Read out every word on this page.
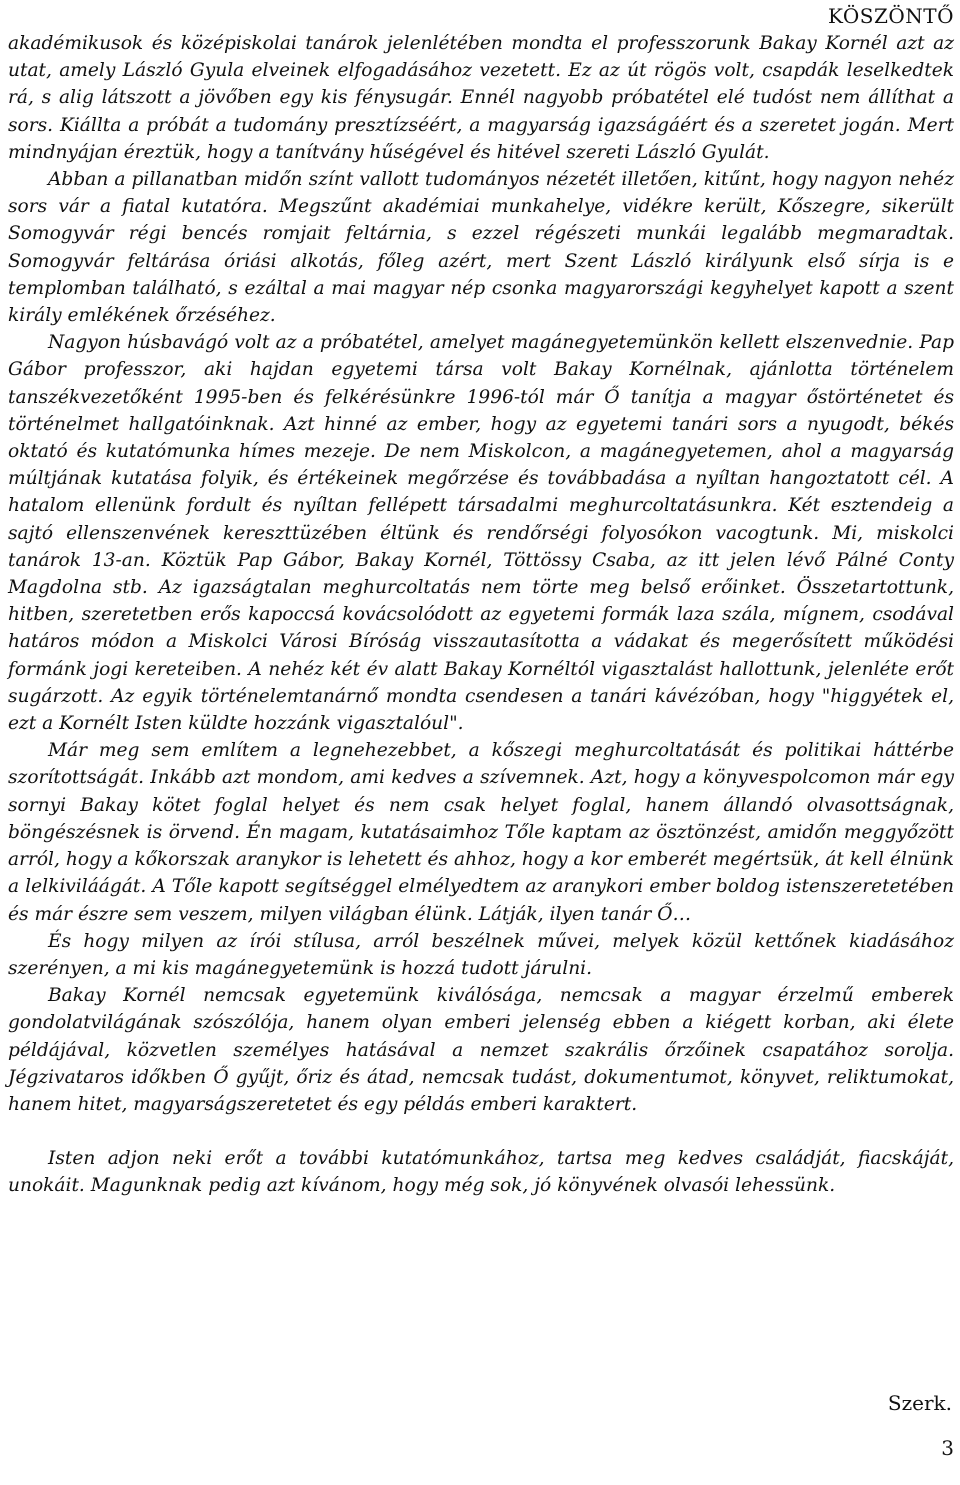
KÖSZÖNTŐ

akadémikusok és középiskolai tanárok jelenlétében mondta el professzorunk Bakay Kornél azt az utat, amely László Gyula elveinek elfogadásához vezetett. Ez az út rögös volt, csapdák leselkedtek rá, s alig látszott a jövőben egy kis fénysugár. Ennél nagyobb próbatétel elé tudóst nem állíthat a sors. Kiállta a próbát a tudomány presztízséért, a magyarság igazságáért és a szeretet jogán. Mert mindnyájan éreztük, hogy a tanítvány hűségével és hitével szereti László Gyulát.

Abban a pillanatban midőn színt vallott tudományos nézetét illetően, kitűnt, hogy nagyon nehéz sors vár a fiatal kutatóra. Megszűnt akadémiai munkahelye, vidékre került, Kőszegre, sikerült Somogyvár régi bencés romjait feltárnia, s ezzel régészeti munkái legalább megmaradtak. Somogyvár feltárása óriási alkotás, főleg azért, mert Szent László királyunk első sírja is e templomban található, s ezáltal a mai magyar nép csonka magyarországi kegyhelyet kapott a szent király emlékének őrzéséhez.

Nagyon húsbavágó volt az a próbatétel, amelyet magánegyetemünkön kellett elszenvednie. Pap Gábor professzor, aki hajdan egyetemi társa volt Bakay Kornélnak, ajánlotta történelem tanszékvezetőként 1995-ben és felkérésünkre 1996-tól már Ő tanítja a magyar őstörténetet és történelmet hallgatóinknak. Azt hinné az ember, hogy az egyetemi tanári sors a nyugodt, békés oktató és kutatómunka hímes mezeje. De nem Miskolcon, a magánegyetemen, ahol a magyarság múltjának kutatása folyik, és értékeinek megőrzése és továbbadása a nyíltan hangoztatott cél. A hatalom ellenünk fordult és nyíltan fellépett társadalmi meghurcoltatásunkra. Két esztendeig a sajtó ellenszenvének kereszttüzében éltünk és rendőrségi folyosókon vacogtunk. Mi, miskolci tanárok 13-an. Köztük Pap Gábor, Bakay Kornél, Töttössy Csaba, az itt jelen lévő Pálné Conty Magdolna stb. Az igazságtalan meghurcoltatás nem törte meg belső erőinket. Összetartottunk, hitben, szeretetben erős kapoccsá kovácsolódott az egyetemi formák laza szála, mígnem, csodával határos módon a Miskolci Városi Bíróság visszautasította a vádakat és megerősített működési formánk jogi kereteiben. A nehéz két év alatt Bakay Kornéltól vigasztalást hallottunk, jelenléte erőt sugárzott. Az egyik történelemtanárnő mondta csendesen a tanári kávézóban, hogy "higgyétek el, ezt a Kornélt Isten küldte hozzánk vigasztalóul".

Már meg sem említem a legnehezebbet, a kőszegi meghurcoltatását és politikai háttérbe szorítottságát. Inkább azt mondom, ami kedves a szívemnek. Azt, hogy a könyvespolcomon már egy sornyi Bakay kötet foglal helyet és nem csak helyet foglal, hanem állandó olvasottságnak, böngészésnek is örvend. Én magam, kutatásaimhoz Tőle kaptam az ösztönzést, amidőn meggyőzött arról, hogy a kőkorszak aranykor is lehetett és ahhoz, hogy a kor emberét megértsük, át kell élnünk a lelkiviláágát. A Tőle kapott segítséggel elmélyedtem az aranykori ember boldog istenszeretetében és már észre sem veszem, milyen világban élünk. Látják, ilyen tanár Ő…

És hogy milyen az írói stílusa, arról beszélnek művei, melyek közül kettőnek kiadásához szerényen, a mi kis magánegyetemünk is hozzá tudott járulni.

Bakay Kornél nemcsak egyetemünk kiválósága, nemcsak a magyar érzelmű emberek gondolatvilágának szószólója, hanem olyan emberi jelenség ebben a kiégett korban, aki élete példájával, közvetlen személyes hatásával a nemzet szakrális őrzőinek csapatához sorolja. Jégzivataros időkben Ő gyűjt, őriz és átad, nemcsak tudást, dokumentumot, könyvet, reliktumokat, hanem hitet, magyarságszeretetet és egy példás emberi karaktert.

Isten adjon neki erőt a további kutatómunkához, tartsa meg kedves családját, fiacskáját, unokáit. Magunknak pedig azt kívánom, hogy még sok, jó könyvének olvasói lehessünk.

Szerk.
3
